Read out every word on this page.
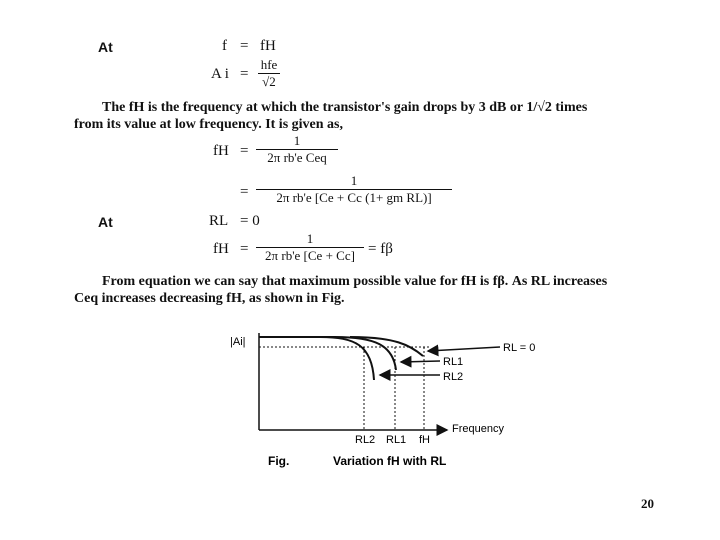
At	f = fH
A i =
hfe
√2
The fH is the frequency at which the transistor's gain drops by 3 dB or 1/√2 times
from its value at low frequency. It is given as,
fH =
1
2π rb'e Ceq
=
1
2π rb'e [Ce + Cc (1+ gm RL)]
At	RL = 0
fH =
1
2π rb'e [Ce + Cc] = fβ
From equation we can say that maximum possible value for fH is fβ. As RL increases
Ceq increases decreasing fH, as shown in Fig.
|Ai|
Frequency
RL = 0
RL1
RL2
RL2 RL1 fH
Fig.	Variation fH with RL
20
